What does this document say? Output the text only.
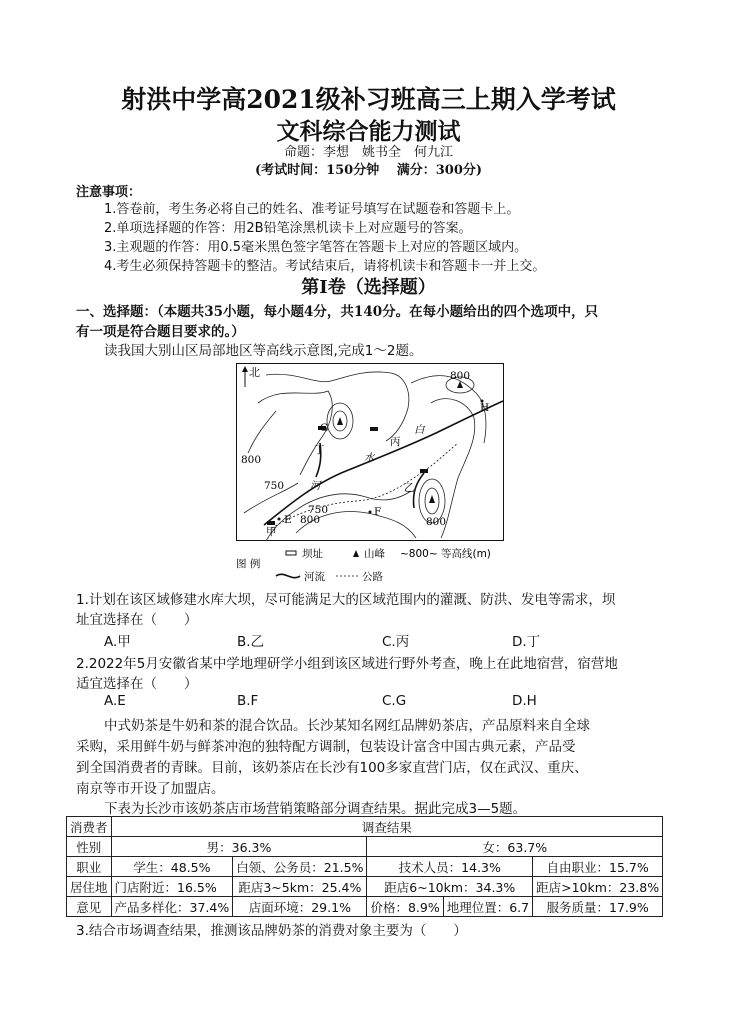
射洪中学高2021级补习班高三上期入学考试
文科综合能力测试
命题：李想　姚书全　何九江
(考试时间：150分钟　 满分：300分)
注意事项：
1.答卷前，考生务必将自己的姓名、准考证号填写在试题卷和答题卡上。
2.单项选择题的作答：用2B铅笔涂黑机读卡上对应题号的答案。
3.主观题的作答：用0.5毫米黑色签字笔答在答题卡上对应的答题区域内。
4.考生必须保持答题卡的整洁。考试结束后，请将机读卡和答题卡一并上交。
第Ⅰ卷（选择题）
一、选择题：（本题共35小题，每小题4分，共140分。在每小题给出的四个选项中，只
有一项是符合题目要求的。）
读我国大别山区局部地区等高线示意图,完成1～2题。
北	800
800
800
750
750
800
白
水
河
G
丁
丙
H
乙
E
F
甲
图 例
坝址	山峰 ~800~ 等高线(m)
河流	公路
1.计划在该区域修建水库大坝，尽可能满足大的区域范围内的灌溉、防洪、发电等需求，坝
址宜选择在（　　）
A.甲	B.乙	C.丙	D.丁
2.2022年5月安徽省某中学地理研学小组到该区域进行野外考查，晚上在此地宿营，宿营地
适宜选择在（　　）
A.E	B.F	C.G	D.H
中式奶茶是牛奶和茶的混合饮品。长沙某知名网红品牌奶茶店，产品原料来自全球
采购，采用鲜牛奶与鲜茶冲泡的独特配方调制，包装设计富含中国古典元素，产品受
到全国消费者的青睐。目前，该奶茶店在长沙有100多家直营门店，仅在武汉、重庆、
南京等市开设了加盟店。
下表为长沙市该奶茶店市场营销策略部分调查结果。据此完成3—5题。
消费者	调查结果				
性别	男：36.3%		女：63.7%		
职业	学生：48.5%	白领、公务员：21.5%	技术人员：14.3%		自由职业：15.7%
居住地	门店附近：16.5%	距店3~5km：25.4%	距店6~10km：34.3%		距店>10km：23.8%
意见	产品多样化：37.4%	店面环境：29.1%	价格：8.9%	地理位置：6.7	服务质量：17.9%
3.结合市场调查结果，推测该品牌奶茶的消费对象主要为（　　）
